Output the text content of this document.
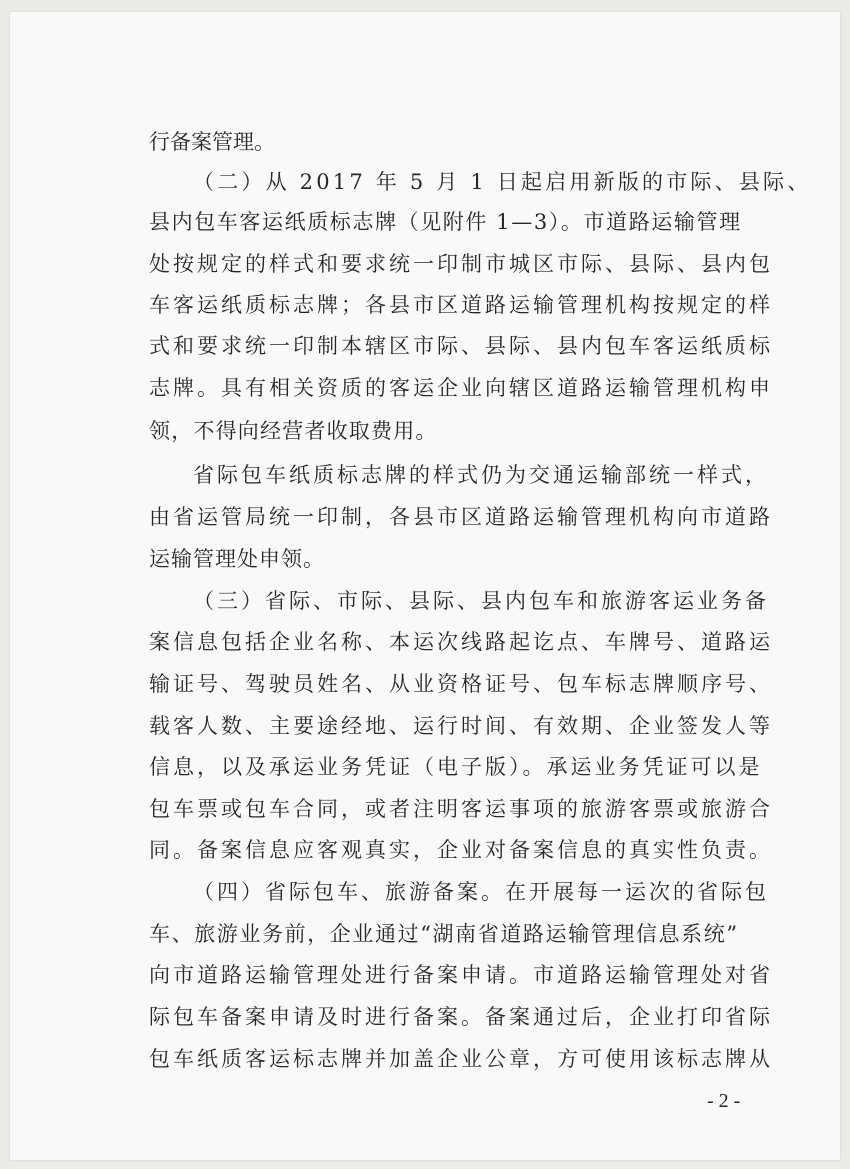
行备案管理。
（二）从 2017 年 5 月 1 日起启用新版的市际、县际、
县内包车客运纸质标志牌（见附件 1—3）。市道路运输管理
处按规定的样式和要求统一印制市城区市际、县际、县内包
车客运纸质标志牌；各县市区道路运输管理机构按规定的样
式和要求统一印制本辖区市际、县际、县内包车客运纸质标
志牌。具有相关资质的客运企业向辖区道路运输管理机构申
领，不得向经营者收取费用。
省际包车纸质标志牌的样式仍为交通运输部统一样式，
由省运管局统一印制，各县市区道路运输管理机构向市道路
运输管理处申领。
（三）省际、市际、县际、县内包车和旅游客运业务备
案信息包括企业名称、本运次线路起讫点、车牌号、道路运
输证号、驾驶员姓名、从业资格证号、包车标志牌顺序号、
载客人数、主要途经地、运行时间、有效期、企业签发人等
信息，以及承运业务凭证（电子版）。承运业务凭证可以是
包车票或包车合同，或者注明客运事项的旅游客票或旅游合
同。备案信息应客观真实，企业对备案信息的真实性负责。
（四）省际包车、旅游备案。在开展每一运次的省际包
车、旅游业务前，企业通过“湖南省道路运输管理信息系统”
向市道路运输管理处进行备案申请。市道路运输管理处对省
际包车备案申请及时进行备案。备案通过后，企业打印省际
包车纸质客运标志牌并加盖企业公章，方可使用该标志牌从
- 2 -
